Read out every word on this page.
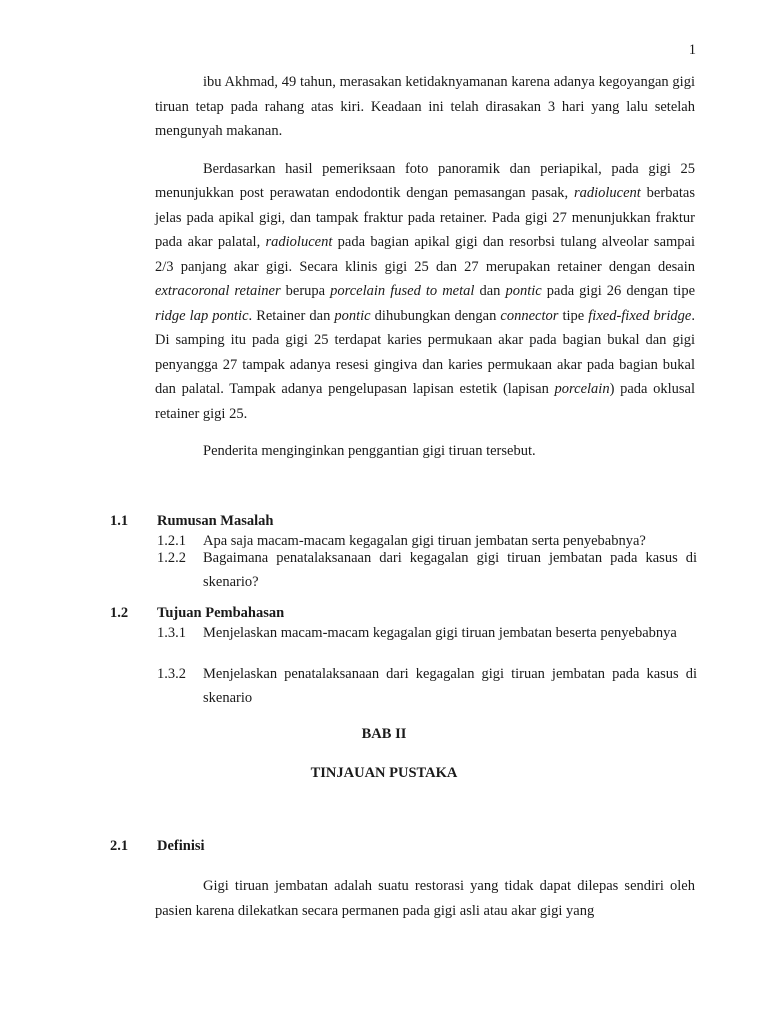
1

ibu Akhmad, 49 tahun, merasakan ketidaknyamanan karena adanya kegoyangan gigi tiruan tetap pada rahang atas kiri. Keadaan ini telah dirasakan 3 hari yang lalu setelah mengunyah makanan.

Berdasarkan hasil pemeriksaan foto panoramik dan periapikal, pada gigi 25 menunjukkan post perawatan endodontik dengan pemasangan pasak, radiolucent berbatas jelas pada apikal gigi, dan tampak fraktur pada retainer. Pada gigi 27 menunjukkan fraktur pada akar palatal, radiolucent pada bagian apikal gigi dan resorbsi tulang alveolar sampai 2/3 panjang akar gigi. Secara klinis gigi 25 dan 27 merupakan retainer dengan desain extracoronal retainer berupa porcelain fused to metal dan pontic pada gigi 26 dengan tipe ridge lap pontic. Retainer dan pontic dihubungkan dengan connector tipe fixed-fixed bridge. Di samping itu pada gigi 25 terdapat karies permukaan akar pada bagian bukal dan gigi penyangga 27 tampak adanya resesi gingiva dan karies permukaan akar pada bagian bukal dan palatal. Tampak adanya pengelupasan lapisan estetik (lapisan porcelain) pada oklusal retainer gigi 25.

Penderita menginginkan penggantian gigi tiruan tersebut.

1.1 Rumusan Masalah
1.2.1 Apa saja macam-macam kegagalan gigi tiruan jembatan serta penyebabnya?
1.2.2 Bagaimana penatalaksanaan dari kegagalan gigi tiruan jembatan pada kasus di skenario?
1.2 Tujuan Pembahasan
1.3.1 Menjelaskan macam-macam kegagalan gigi tiruan jembatan beserta penyebabnya
1.3.2 Menjelaskan penatalaksanaan dari kegagalan gigi tiruan jembatan pada kasus di skenario
BAB II
TINJAUAN PUSTAKA
2.1 Definisi

Gigi tiruan jembatan adalah suatu restorasi yang tidak dapat dilepas sendiri oleh pasien karena dilekatkan secara permanen pada gigi asli atau akar gigi yang
